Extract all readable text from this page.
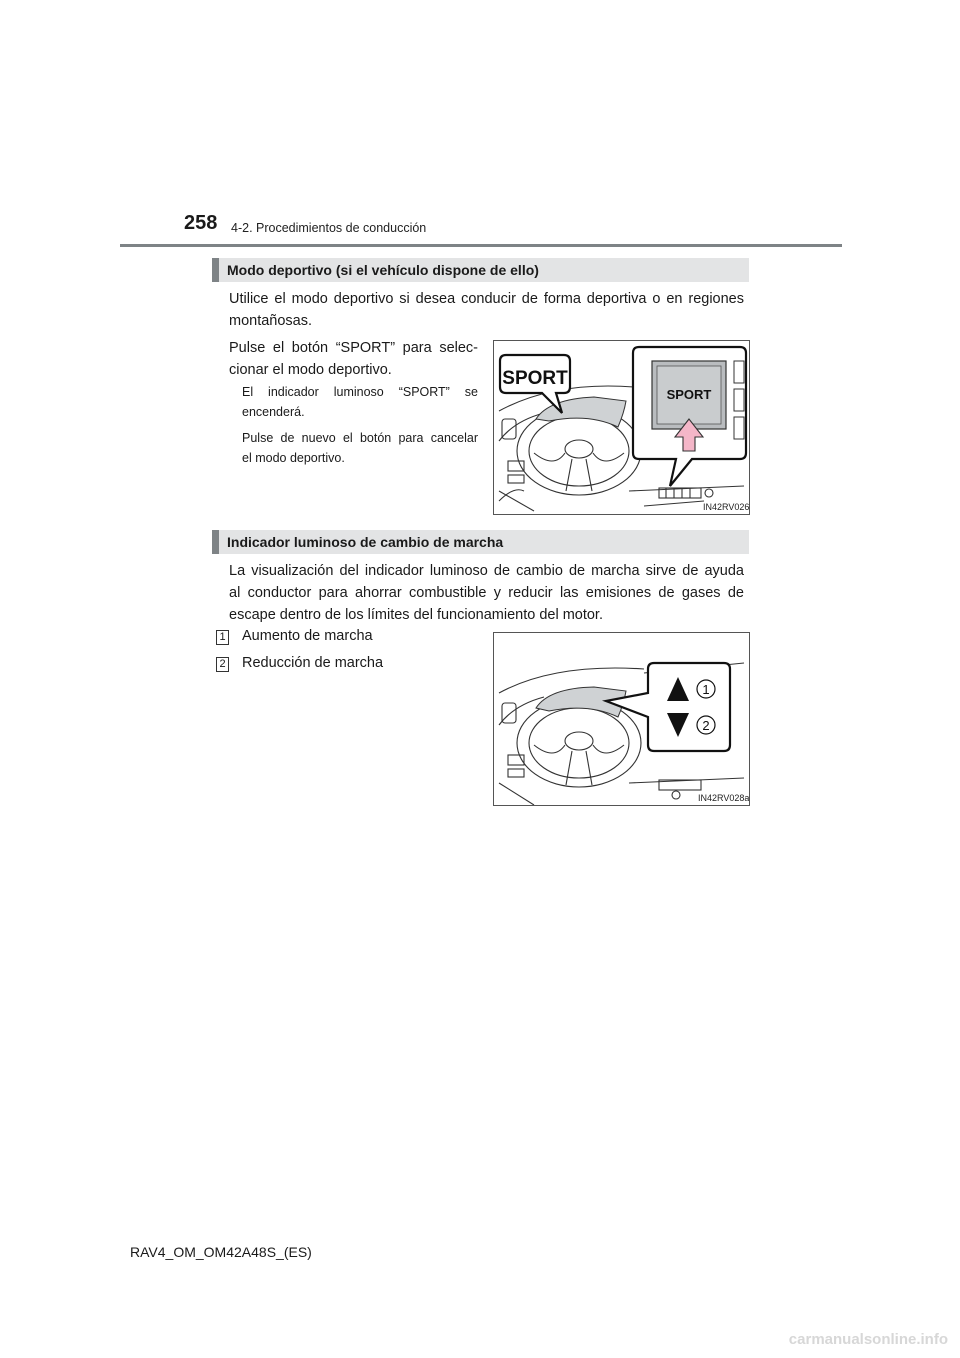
258 4-2. Procedimientos de conducción
Modo deportivo (si el vehículo dispone de ello)
Utilice el modo deportivo si desea conducir de forma deportiva o en regiones
montañosas.
Pulse el botón “SPORT” para selec-
cionar el modo deportivo.
El indicador luminoso “SPORT” se
encenderá.
Pulse de nuevo el botón para cancelar
el modo deportivo.
SPORT
SPORT
IN42RV026
Indicador luminoso de cambio de marcha
La visualización del indicador luminoso de cambio de marcha sirve de ayuda
al conductor para ahorrar combustible y reducir las emisiones de gases de
escape dentro de los límites del funcionamiento del motor.
1 Aumento de marcha
2 Reducción de marcha
1
2
IN42RV028a
RAV4_OM_OM42A48S_(ES)
carmanualsonline.info
